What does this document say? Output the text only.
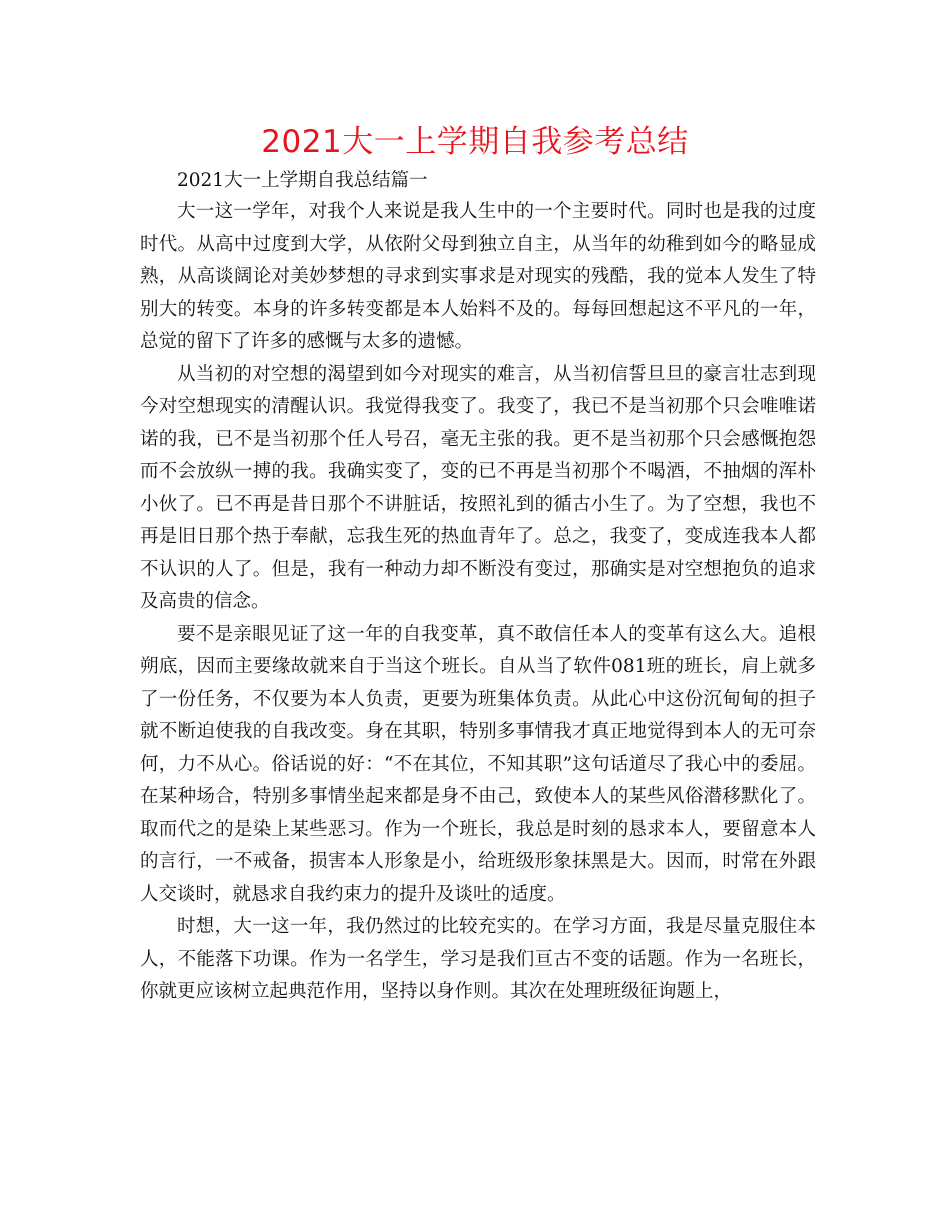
2021大一上学期自我参考总结

2021大一上学期自我总结篇一

大一这一学年，对我个人来说是我人生中的一个主要时代。同时也是我的过度时代。从高中过度到大学，从依附父母到独立自主，从当年的幼稚到如今的略显成熟，从高谈阔论对美妙梦想的寻求到实事求是对现实的残酷，我的觉本人发生了特别大的转变。本身的许多转变都是本人始料不及的。每每回想起这不平凡的一年，总觉的留下了许多的感慨与太多的遗憾。

从当初的对空想的渴望到如今对现实的难言，从当初信誓旦旦的豪言壮志到现今对空想现实的清醒认识。我觉得我变了。我变了，我已不是当初那个只会唯唯诺诺的我，已不是当初那个任人号召，毫无主张的我。更不是当初那个只会感慨抱怨而不会放纵一搏的我。我确实变了，变的已不再是当初那个不喝酒，不抽烟的浑朴小伙了。已不再是昔日那个不讲脏话，按照礼到的循古小生了。为了空想，我也不再是旧日那个热于奉献，忘我生死的热血青年了。总之，我变了，变成连我本人都不认识的人了。但是，我有一种动力却不断没有变过，那确实是对空想抱负的追求及高贵的信念。

要不是亲眼见证了这一年的自我变革，真不敢信任本人的变革有这么大。追根朔底，因而主要缘故就来自于当这个班长。自从当了软件081班的班长，肩上就多了一份任务，不仅要为本人负责，更要为班集体负责。从此心中这份沉甸甸的担子就不断迫使我的自我改变。身在其职，特别多事情我才真正地觉得到本人的无可奈何，力不从心。俗话说的好：“不在其位，不知其职”这句话道尽了我心中的委屈。在某种场合，特别多事情坐起来都是身不由己，致使本人的某些风俗潜移默化了。取而代之的是染上某些恶习。作为一个班长，我总是时刻的恳求本人，要留意本人的言行，一不戒备，损害本人形象是小，给班级形象抹黑是大。因而，时常在外跟人交谈时，就恳求自我约束力的提升及谈吐的适度。

时想，大一这一年，我仍然过的比较充实的。在学习方面，我是尽量克服住本人，不能落下功课。作为一名学生，学习是我们亘古不变的话题。作为一名班长，你就更应该树立起典范作用，坚持以身作则。其次在处理班级征询题上，
